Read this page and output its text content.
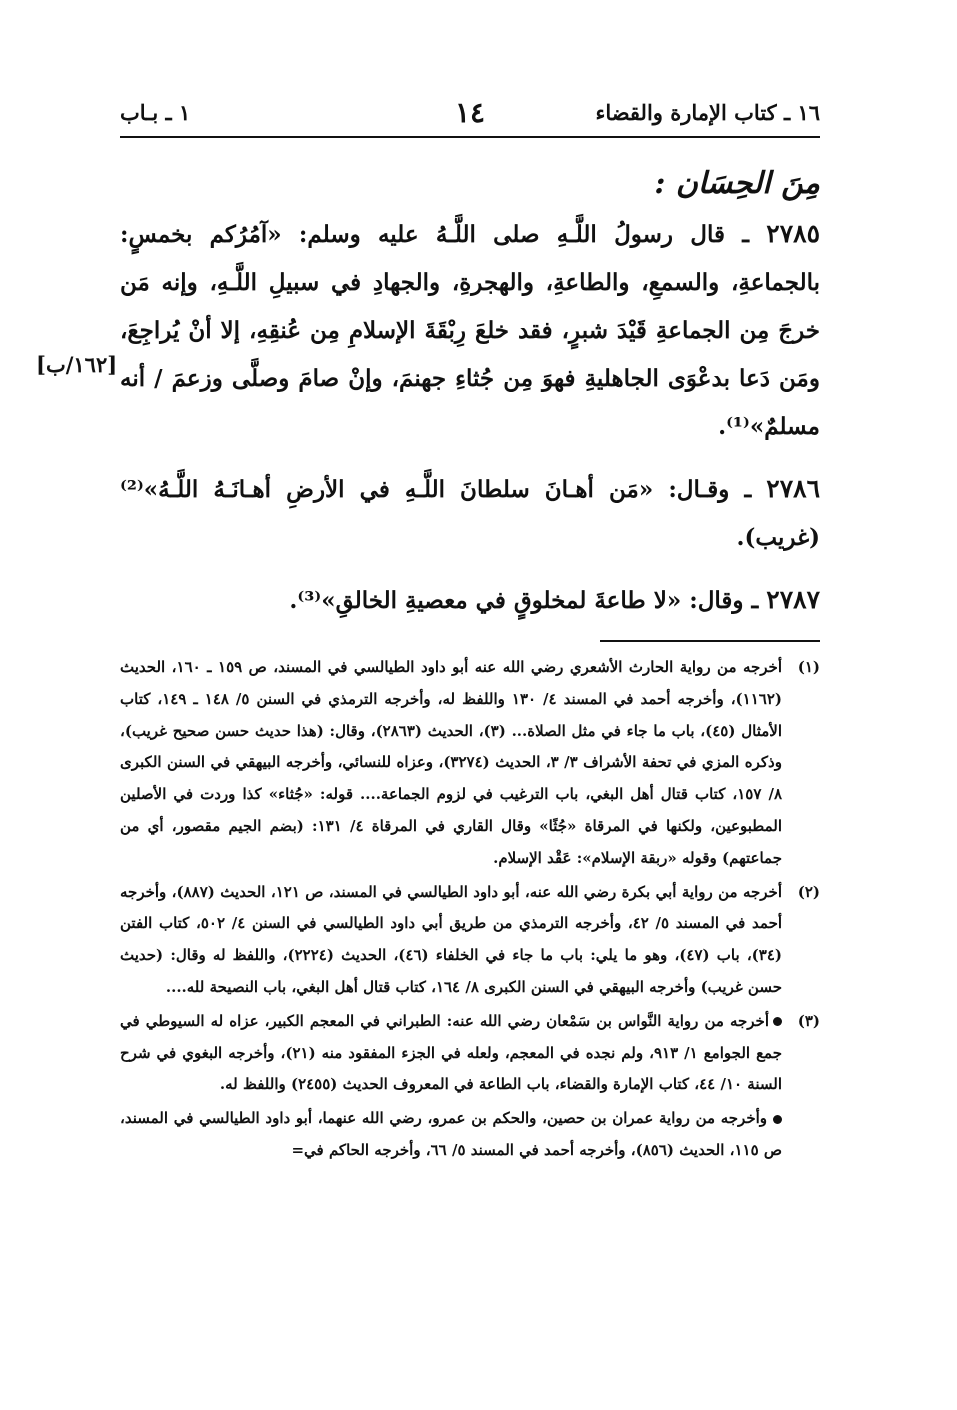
١٦ ـ كتاب الإمارة والقضاء
١٤
١ ـ بـاب
مِنَ الحِسَان :

٢٧٨٥ ـ قال رسولُ اللَّـهِ صلى اللَّـهُ عليه وسلم: «آمُرُكم بخمسٍ: بالجماعةِ، والسمعِ، والطاعةِ، والهجرةِ، والجهادِ في سبيلِ اللَّـهِ، وإنه مَن خرجَ مِن الجماعةِ قَيْدَ شبرٍ، فقد خلعَ رِبْقَةَ الإسلامِ مِن عُنقِهِ، إلا أنْ يُراجِعَ، ومَن دَعا بدعْوَى الجاهليةِ فهوَ مِن جُثاءِ جهنمَ، وإنْ صامَ وصلَّى وزعمَ / أنه مسلمٌ»⁽¹⁾.

٢٧٨٦ ـ وقـال: «مَن أهـانَ سلطانَ اللَّـهِ في الأرضِ أهـانَـهُ اللَّـهُ»⁽²⁾ (غريب).

٢٧٨٧ ـ وقال: «لا طاعةَ لمخلوقٍ في معصيةِ الخالقِ»⁽³⁾.

[١٦٢/ب]
(١)
أخرجه من رواية الحارث الأشعري رضي الله عنه أبو داود الطيالسي في المسند، ص ١٥٩ ـ ١٦٠، الحديث (١١٦٢)، وأخرجه أحمد في المسند ٤/ ١٣٠ واللفظ له، وأخرجه الترمذي في السنن ٥/ ١٤٨ ـ ١٤٩، كتاب الأمثال (٤٥)، باب ما جاء في مثل الصلاة... (٣)، الحديث (٢٨٦٣)، وقال: (هذا حديث حسن صحيح غريب)، وذكره المزي في تحفة الأشراف ٣/ ٣، الحديث (٣٢٧٤)، وعزاه للنسائي، وأخرجه البيهقي في السنن الكبرى ٨/ ١٥٧، كتاب قتال أهل البغي، باب الترغيب في لزوم الجماعة.... قوله: «جُثاء» كذا وردت في الأصلين المطبوعين، ولكنها في المرقاة «جُثًا» وقال القاري في المرقاة ٤/ ١٣١: (بضم الجيم مقصور، أي من جماعتهم) وقوله «ربقة الإسلام»: عَقْد الإسلام.
(٢)
أخرجه من رواية أبي بكرة رضي الله عنه، أبو داود الطيالسي في المسند، ص ١٢١، الحديث (٨٨٧)، وأخرجه أحمد في المسند ٥/ ٤٢، وأخرجه الترمذي من طريق أبي داود الطيالسي في السنن ٤/ ٥٠٢، كتاب الفتن (٣٤)، باب (٤٧)، وهو ما يلي: باب ما جاء في الخلفاء (٤٦)، الحديث (٢٢٢٤)، واللفظ له وقال: (حديث حسن غريب) وأخرجه البيهقي في السنن الكبرى ٨/ ١٦٤، كتاب قتال أهل البغي، باب النصيحة لله....
(٣)
أخرجه من رواية النَّواس بن سَمْعان رضي الله عنه: الطبراني في المعجم الكبير، عزاه له السيوطي في جمع الجوامع ١/ ٩١٣، ولم نجده في المعجم، ولعله في الجزء المفقود منه (٢١)، وأخرجه البغوي في شرح السنة ١٠/ ٤٤، كتاب الإمارة والقضاء، باب الطاعة في المعروف الحديث (٢٤٥٥) واللفظ له.
وأخرجه من رواية عمران بن حصين، والحكم بن عمرو، رضي الله عنهما، أبو داود الطيالسي في المسند، ص ١١٥، الحديث (٨٥٦)، وأخرجه أحمد في المسند ٥/ ٦٦، وأخرجه الحاكم في=
